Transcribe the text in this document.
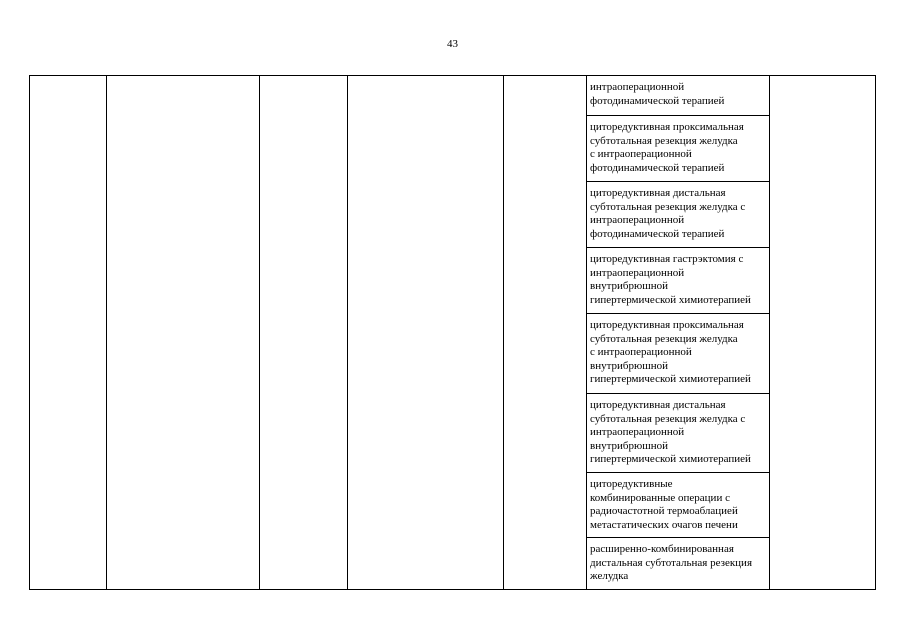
43
интраоперационной
фотодинамической терапией
циторедуктивная проксимальная
субтотальная резекция желудка
с интраоперационной
фотодинамической терапией
циторедуктивная дистальная
субтотальная резекция желудка с
интраоперационной
фотодинамической терапией
циторедуктивная гастрэктомия с
интраоперационной
внутрибрюшной
гипертермической химиотерапией
циторедуктивная проксимальная
субтотальная резекция желудка
с интраоперационной
внутрибрюшной
гипертермической химиотерапией
циторедуктивная дистальная
субтотальная резекция желудка с
интраоперационной
внутрибрюшной
гипертермической химиотерапией
циторедуктивные
комбинированные операции с
радиочастотной термоаблацией
метастатических очагов печени
расширенно-комбинированная
дистальная субтотальная резекция
желудка
